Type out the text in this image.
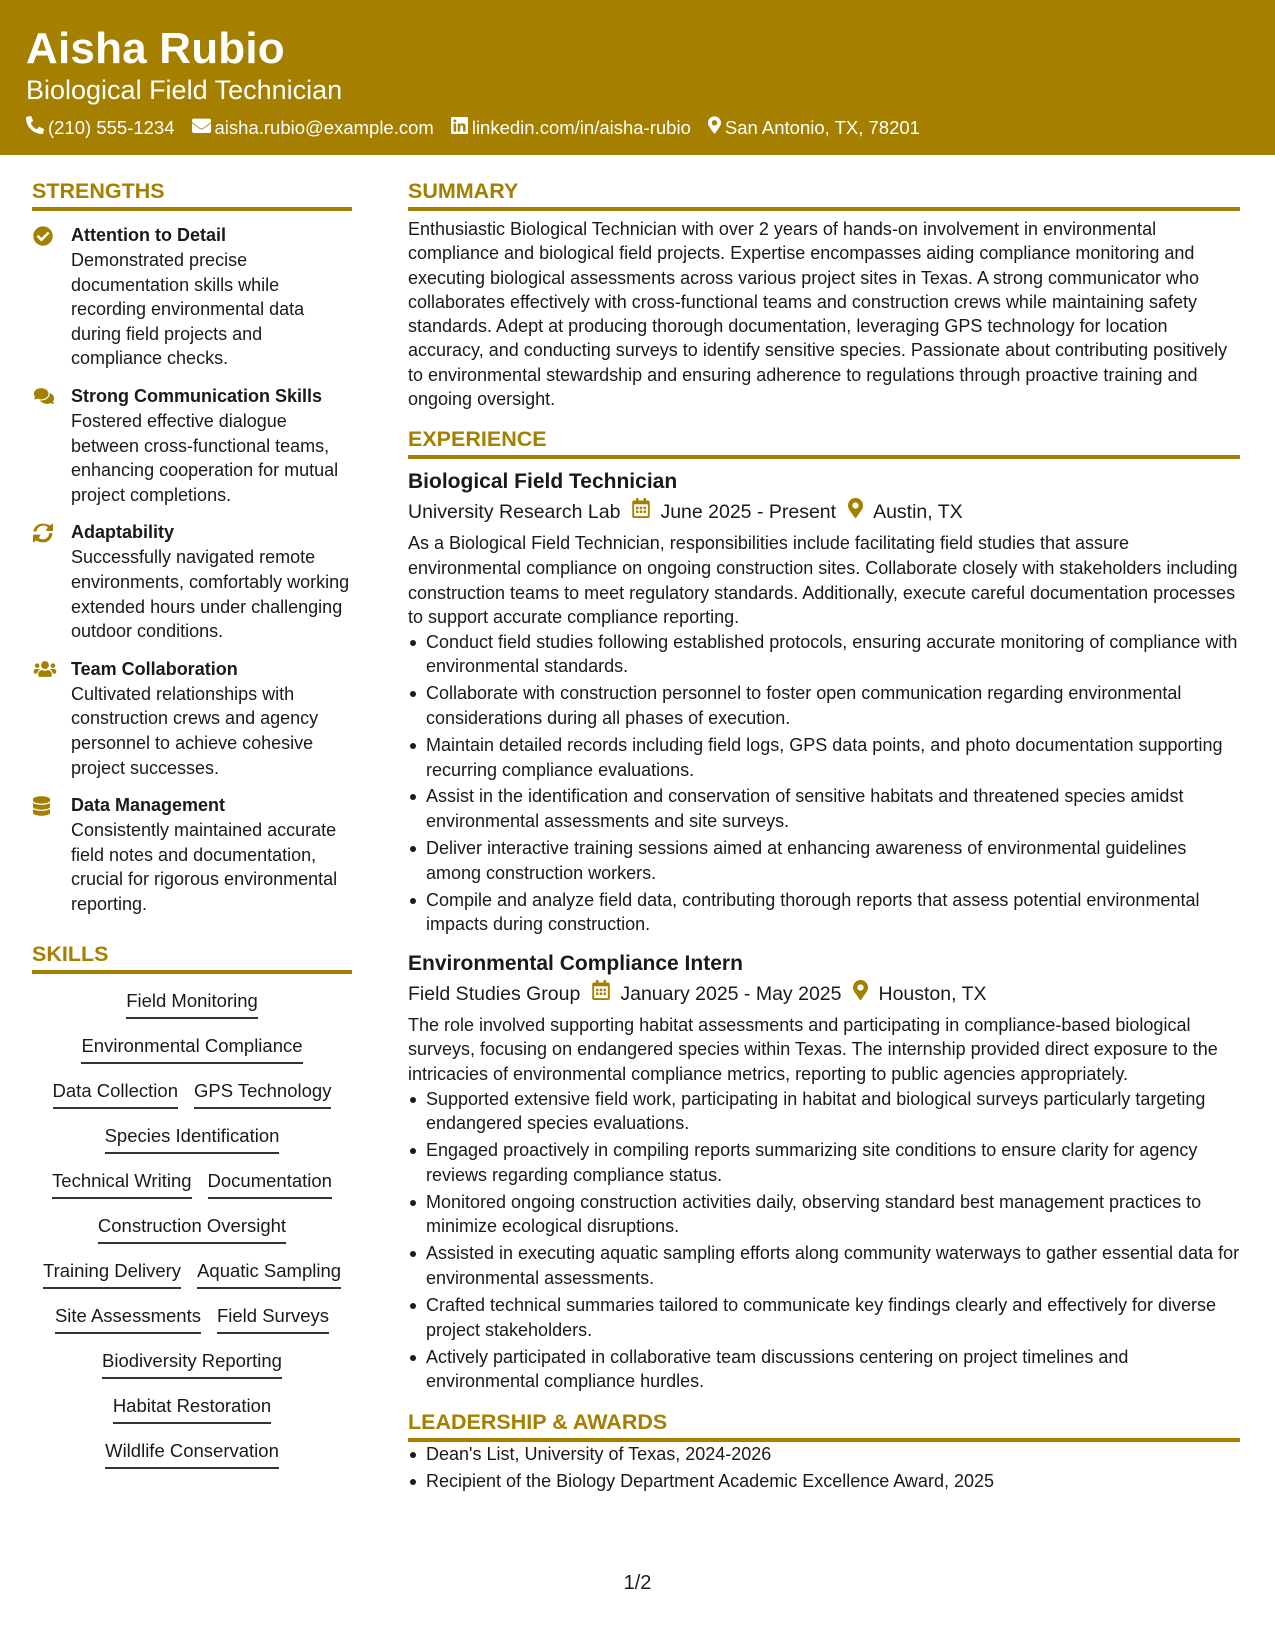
Aisha Rubio
Biological Field Technician
(210) 555-1234 aisha.rubio@example.com linkedin.com/in/aisha-rubio San Antonio, TX, 78201
STRENGTHS
Attention to Detail
Demonstrated precise documentation skills while recording environmental data during field projects and compliance checks.
Strong Communication Skills
Fostered effective dialogue between cross-functional teams, enhancing cooperation for mutual project completions.
Adaptability
Successfully navigated remote environments, comfortably working extended hours under challenging outdoor conditions.
Team Collaboration
Cultivated relationships with construction crews and agency personnel to achieve cohesive project successes.
Data Management
Consistently maintained accurate field notes and documentation, crucial for rigorous environmental reporting.
SKILLS
Field Monitoring
Environmental Compliance
Data Collection GPS Technology
Species Identification
Technical Writing Documentation
Construction Oversight
Training Delivery Aquatic Sampling
Site Assessments Field Surveys
Biodiversity Reporting
Habitat Restoration
Wildlife Conservation
SUMMARY
Enthusiastic Biological Technician with over 2 years of hands-on involvement in environmental compliance and biological field projects. Expertise encompasses aiding compliance monitoring and executing biological assessments across various project sites in Texas. A strong communicator who collaborates effectively with cross-functional teams and construction crews while maintaining safety standards. Adept at producing thorough documentation, leveraging GPS technology for location accuracy, and conducting surveys to identify sensitive species. Passionate about contributing positively to environmental stewardship and ensuring adherence to regulations through proactive training and ongoing oversight.
EXPERIENCE
Biological Field Technician
University Research Lab June 2025 - Present Austin, TX
As a Biological Field Technician, responsibilities include facilitating field studies that assure environmental compliance on ongoing construction sites. Collaborate closely with stakeholders including construction teams to meet regulatory standards. Additionally, execute careful documentation processes to support accurate compliance reporting.
Conduct field studies following established protocols, ensuring accurate monitoring of compliance with environmental standards.
Collaborate with construction personnel to foster open communication regarding environmental considerations during all phases of execution.
Maintain detailed records including field logs, GPS data points, and photo documentation supporting recurring compliance evaluations.
Assist in the identification and conservation of sensitive habitats and threatened species amidst environmental assessments and site surveys.
Deliver interactive training sessions aimed at enhancing awareness of environmental guidelines among construction workers.
Compile and analyze field data, contributing thorough reports that assess potential environmental impacts during construction.
Environmental Compliance Intern
Field Studies Group January 2025 - May 2025 Houston, TX
The role involved supporting habitat assessments and participating in compliance-based biological surveys, focusing on endangered species within Texas. The internship provided direct exposure to the intricacies of environmental compliance metrics, reporting to public agencies appropriately.
Supported extensive field work, participating in habitat and biological surveys particularly targeting endangered species evaluations.
Engaged proactively in compiling reports summarizing site conditions to ensure clarity for agency reviews regarding compliance status.
Monitored ongoing construction activities daily, observing standard best management practices to minimize ecological disruptions.
Assisted in executing aquatic sampling efforts along community waterways to gather essential data for environmental assessments.
Crafted technical summaries tailored to communicate key findings clearly and effectively for diverse project stakeholders.
Actively participated in collaborative team discussions centering on project timelines and environmental compliance hurdles.
LEADERSHIP & AWARDS
Dean's List, University of Texas, 2024-2026
Recipient of the Biology Department Academic Excellence Award, 2025
1/2
